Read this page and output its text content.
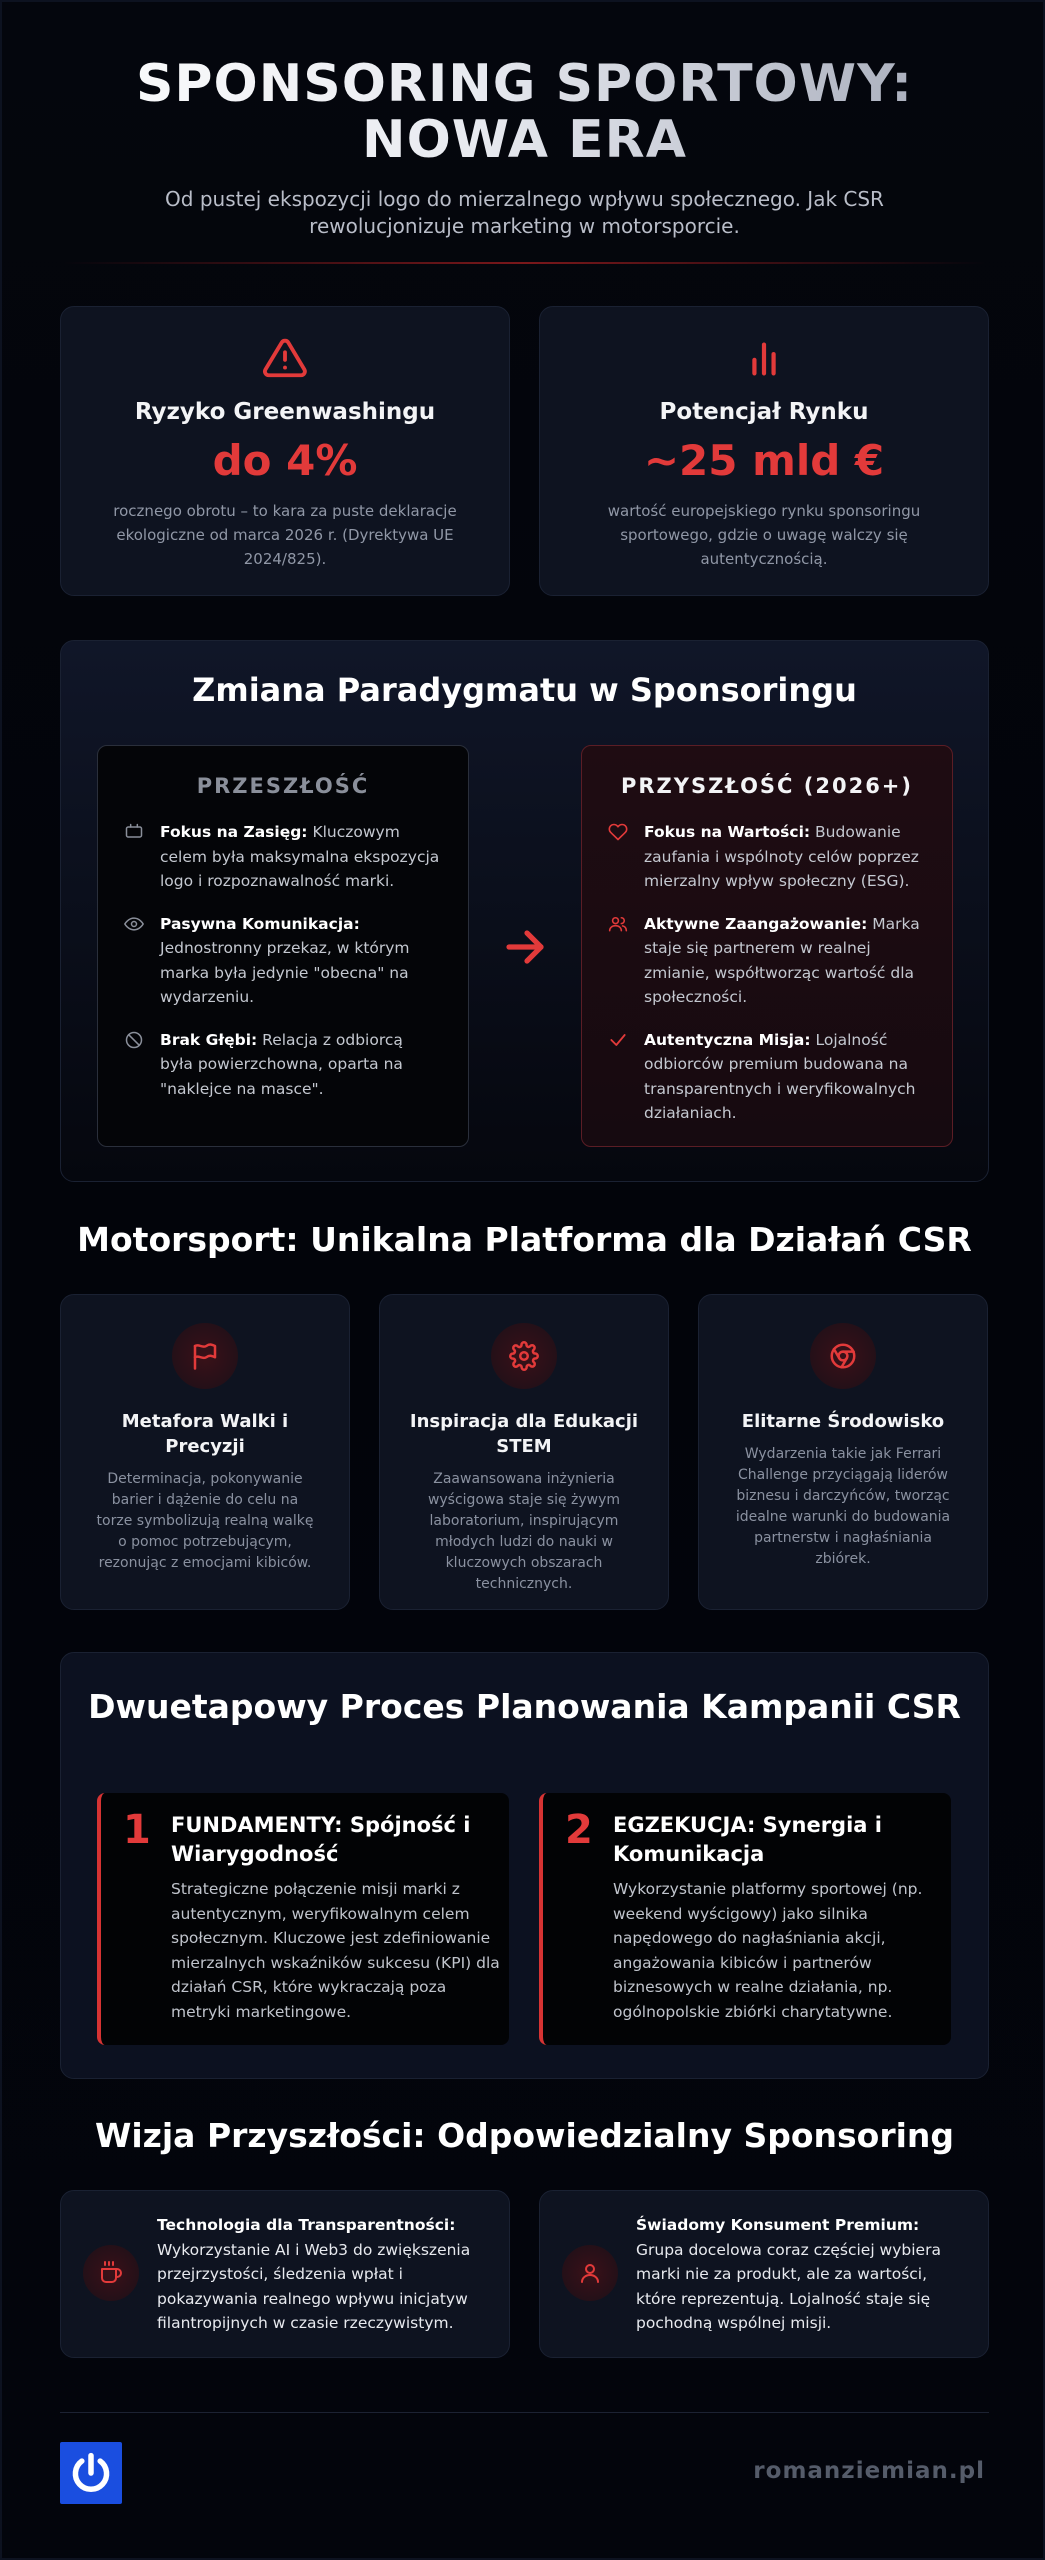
SPONSORING SPORTOWY:
NOWA ERA

Od pustej ekspozycji logo do mierzalnego wpływu społecznego. Jak CSR rewolucjonizuje marketing w motorsporcie.

Ryzyko Greenwashingu
do 4%

rocznego obrotu – to kara za puste deklaracje ekologiczne od marca 2026 r. (Dyrektywa UE 2024/825).

Potencjał Rynku
~25 mld €

wartość europejskiego rynku sponsoringu sportowego, gdzie o uwagę walczy się autentycznością.

Zmiana Paradygmatu w Sponsoringu
PRZESZŁOŚĆ
Fokus na Zasięg: Kluczowym celem była maksymalna ekspozycja logo i rozpoznawalność marki.
Pasywna Komunikacja: Jednostronny przekaz, w którym marka była jedynie "obecna" na wydarzeniu.
Brak Głębi: Relacja z odbiorcą była powierzchowna, oparta na "naklejce na masce".
PRZYSZŁOŚĆ (2026+)
Fokus na Wartości: Budowanie zaufania i wspólnoty celów poprzez mierzalny wpływ społeczny (ESG).
Aktywne Zaangażowanie: Marka staje się partnerem w realnej zmianie, współtworząc wartość dla społeczności.
Autentyczna Misja: Lojalność odbiorców premium budowana na transparentnych i weryfikowalnych działaniach.
Motorsport: Unikalna Platforma dla Działań CSR
Metafora Walki i Precyzji

Determinacja, pokonywanie barier i dążenie do celu na torze symbolizują realną walkę o pomoc potrzebującym, rezonując z emocjami kibiców.

Inspiracja dla Edukacji STEM

Zaawansowana inżynieria wyścigowa staje się żywym laboratorium, inspirującym młodych ludzi do nauki w kluczowych obszarach technicznych.

Elitarne Środowisko

Wydarzenia takie jak Ferrari Challenge przyciągają liderów biznesu i darczyńców, tworząc idealne warunki do budowania partnerstw i nagłaśniania zbiórek.

Dwuetapowy Proces Planowania Kampanii CSR
1 FUNDAMENTY: Spójność i Wiarygodność

Strategiczne połączenie misji marki z autentycznym, weryfikowalnym celem społecznym. Kluczowe jest zdefiniowanie mierzalnych wskaźników sukcesu (KPI) dla działań CSR, które wykraczają poza metryki marketingowe.

2 EGZEKUCJA: Synergia i Komunikacja

Wykorzystanie platformy sportowej (np. weekend wyścigowy) jako silnika napędowego do nagłaśniania akcji, angażowania kibiców i partnerów biznesowych w realne działania, np. ogólnopolskie zbiórki charytatywne.

Wizja Przyszłości: Odpowiedzialny Sponsoring
Technologia dla Transparentności:
Wykorzystanie AI i Web3 do zwiększenia przejrzystości, śledzenia wpłat i pokazywania realnego wpływu inicjatyw filantropijnych w czasie rzeczywistym.
Świadomy Konsument Premium:
Grupa docelowa coraz częściej wybiera marki nie za produkt, ale za wartości, które reprezentują. Lojalność staje się pochodną wspólnej misji.
romanziemian.pl
